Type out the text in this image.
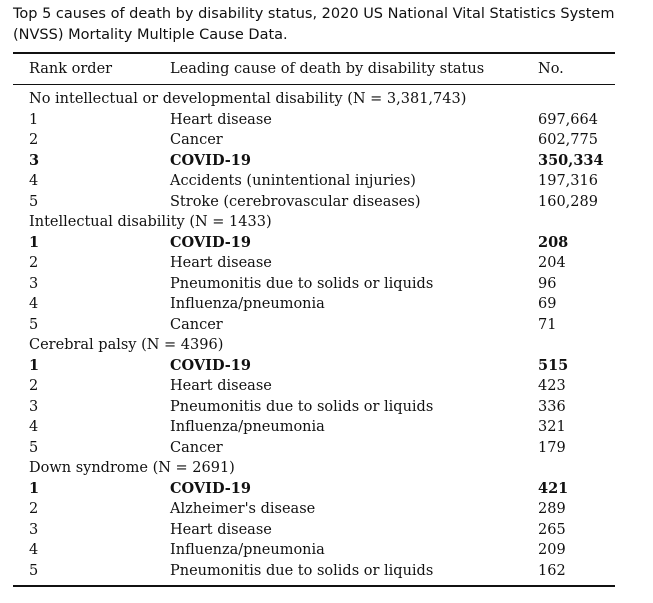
Top 5 causes of death by disability status, 2020 US National Vital Statistics System (NVSS) Mortality Multiple Cause Data.
Rank order	Leading cause of death by disability status	No.
No intellectual or developmental disability (N = 3,381,743)
1	Heart disease	697,664
2	Cancer	602,775
3	COVID-19	350,334
4	Accidents (unintentional injuries)	197,316
5	Stroke (cerebrovascular diseases)	160,289
Intellectual disability (N = 1433)
1	COVID-19	208
2	Heart disease	204
3	Pneumonitis due to solids or liquids	96
4	Influenza/pneumonia	69
5	Cancer	71
Cerebral palsy (N = 4396)
1	COVID-19	515
2	Heart disease	423
3	Pneumonitis due to solids or liquids	336
4	Influenza/pneumonia	321
5	Cancer	179
Down syndrome (N = 2691)
1	COVID-19	421
2	Alzheimer's disease	289
3	Heart disease	265
4	Influenza/pneumonia	209
5	Pneumonitis due to solids or liquids	162
